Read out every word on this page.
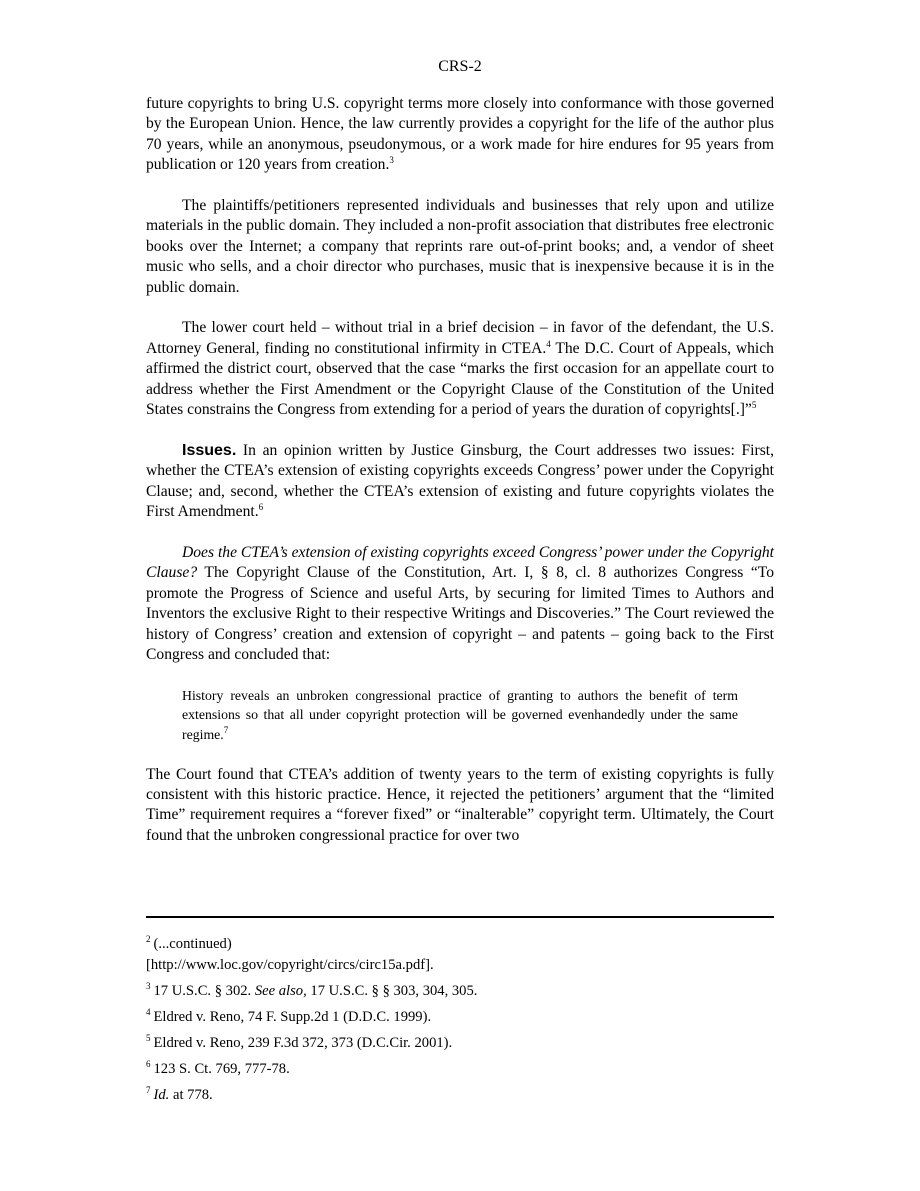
CRS-2

future copyrights to bring U.S. copyright terms more closely into conformance with those governed by the European Union. Hence, the law currently provides a copyright for the life of the author plus 70 years, while an anonymous, pseudonymous, or a work made for hire endures for 95 years from publication or 120 years from creation.$^3$

The plaintiffs/petitioners represented individuals and businesses that rely upon and utilize materials in the public domain. They included a non-profit association that distributes free electronic books over the Internet; a company that reprints rare out-of-print books; and, a vendor of sheet music who sells, and a choir director who purchases, music that is inexpensive because it is in the public domain.

The lower court held – without trial in a brief decision – in favor of the defendant, the U.S. Attorney General, finding no constitutional infirmity in CTEA.$^4$ The D.C. Court of Appeals, which affirmed the district court, observed that the case “marks the first occasion for an appellate court to address whether the First Amendment or the Copyright Clause of the Constitution of the United States constrains the Congress from extending for a period of years the duration of copyrights[.]”$^5$

Issues. In an opinion written by Justice Ginsburg, the Court addresses two issues: First, whether the CTEA’s extension of existing copyrights exceeds Congress’ power under the Copyright Clause; and, second, whether the CTEA’s extension of existing and future copyrights violates the First Amendment.$^6$

Does the CTEA’s extension of existing copyrights exceed Congress’ power under the Copyright Clause? The Copyright Clause of the Constitution, Art. I, § 8, cl. 8 authorizes Congress “To promote the Progress of Science and useful Arts, by securing for limited Times to Authors and Inventors the exclusive Right to their respective Writings and Discoveries.” The Court reviewed the history of Congress’ creation and extension of copyright – and patents – going back to the First Congress and concluded that:

History reveals an unbroken congressional practice of granting to authors the benefit of term extensions so that all under copyright protection will be governed evenhandedly under the same regime.$^7$

The Court found that CTEA’s addition of twenty years to the term of existing copyrights is fully consistent with this historic practice. Hence, it rejected the petitioners’ argument that the “limited Time” requirement requires a “forever fixed” or “inalterable” copyright term. Ultimately, the Court found that the unbroken congressional practice for over two

$^2$ (...continued)
[http://www.loc.gov/copyright/circs/circ15a.pdf].

$^3$ 17 U.S.C. § 302. See also, 17 U.S.C. § § 303, 304, 305.

$^4$ Eldred v. Reno, 74 F. Supp.2d 1 (D.D.C. 1999).

$^5$ Eldred v. Reno, 239 F.3d 372, 373 (D.C.Cir. 2001).

$^6$ 123 S. Ct. 769, 777-78.

$^7$ Id. at 778.
